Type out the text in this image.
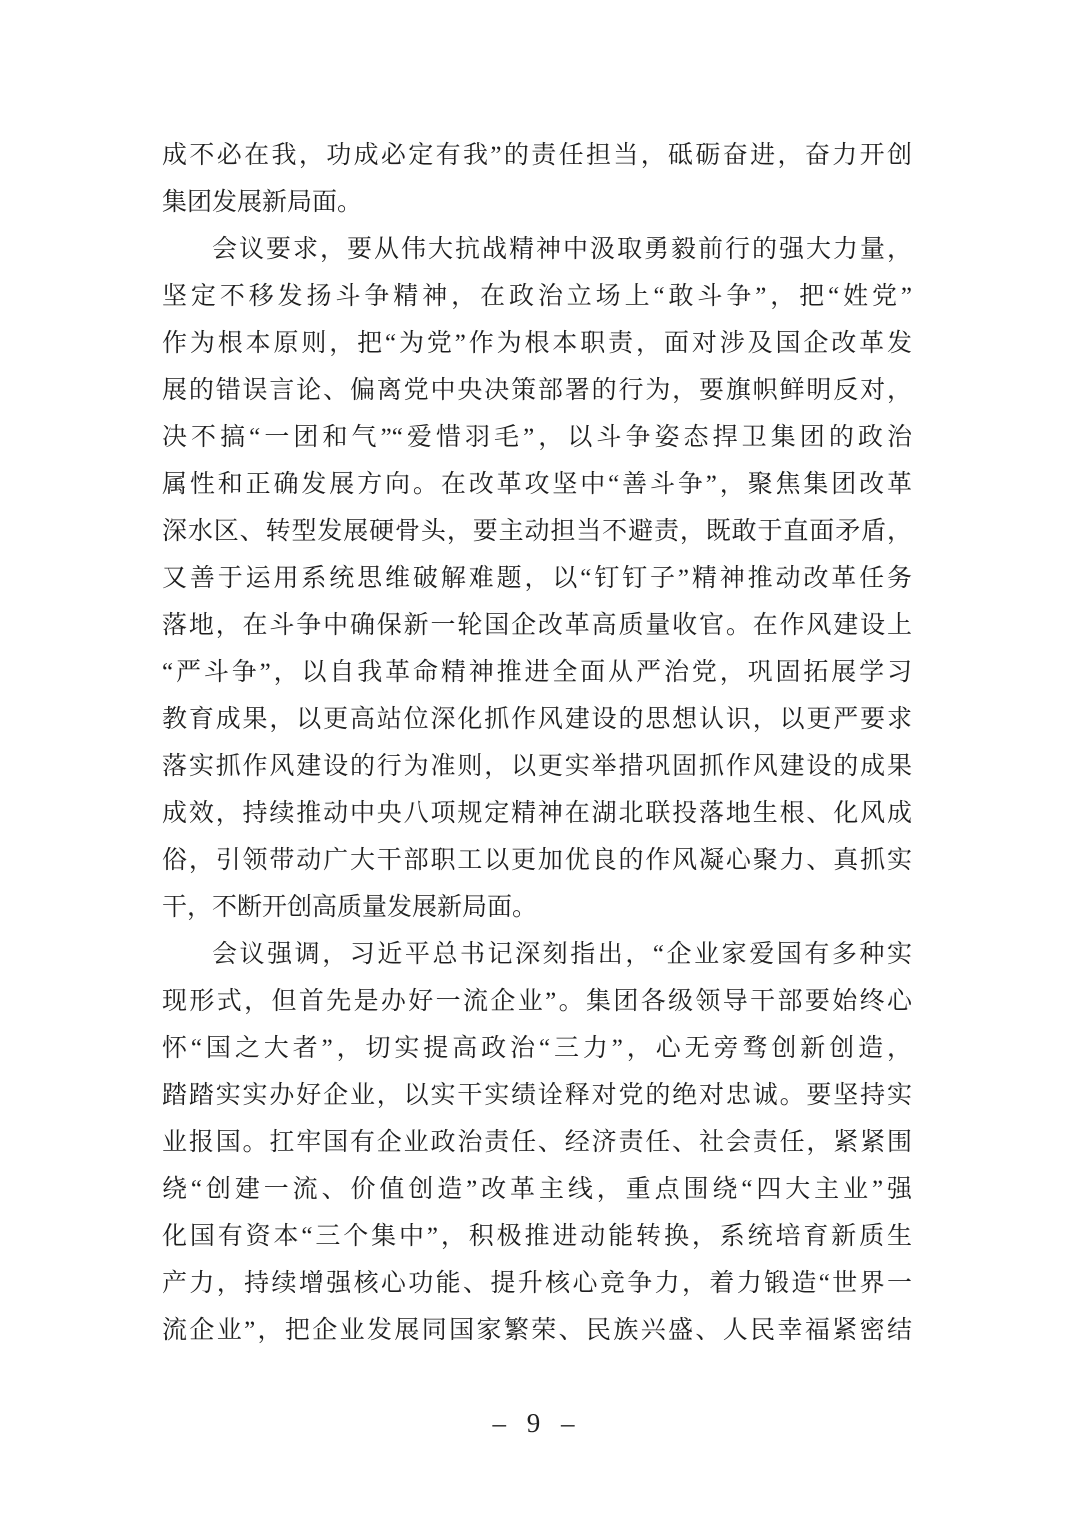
成不必在我，功成必定有我”的责任担当，砥砺奋进，奋力开创
集团发展新局面。
会议要求，要从伟大抗战精神中汲取勇毅前行的强大力量，
坚定不移发扬斗争精神，在政治立场上“敢斗争”，把“姓党”
作为根本原则，把“为党”作为根本职责，面对涉及国企改革发
展的错误言论、偏离党中央决策部署的行为，要旗帜鲜明反对，
决不搞“一团和气”“爱惜羽毛”，以斗争姿态捍卫集团的政治
属性和正确发展方向。在改革攻坚中“善斗争”，聚焦集团改革
深水区、转型发展硬骨头，要主动担当不避责，既敢于直面矛盾，
又善于运用系统思维破解难题，以“钉钉子”精神推动改革任务
落地，在斗争中确保新一轮国企改革高质量收官。在作风建设上
“严斗争”，以自我革命精神推进全面从严治党，巩固拓展学习
教育成果，以更高站位深化抓作风建设的思想认识，以更严要求
落实抓作风建设的行为准则，以更实举措巩固抓作风建设的成果
成效，持续推动中央八项规定精神在湖北联投落地生根、化风成
俗，引领带动广大干部职工以更加优良的作风凝心聚力、真抓实
干，不断开创高质量发展新局面。
会议强调，习近平总书记深刻指出，“企业家爱国有多种实
现形式，但首先是办好一流企业”。集团各级领导干部要始终心
怀“国之大者”，切实提高政治“三力”，心无旁骛创新创造，
踏踏实实办好企业，以实干实绩诠释对党的绝对忠诚。要坚持实
业报国。扛牢国有企业政治责任、经济责任、社会责任，紧紧围
绕“创建一流、价值创造”改革主线，重点围绕“四大主业”强
化国有资本“三个集中”，积极推进动能转换，系统培育新质生
产力，持续增强核心功能、提升核心竞争力，着力锻造“世界一
流企业”，把企业发展同国家繁荣、民族兴盛、人民幸福紧密结
– 9 –
